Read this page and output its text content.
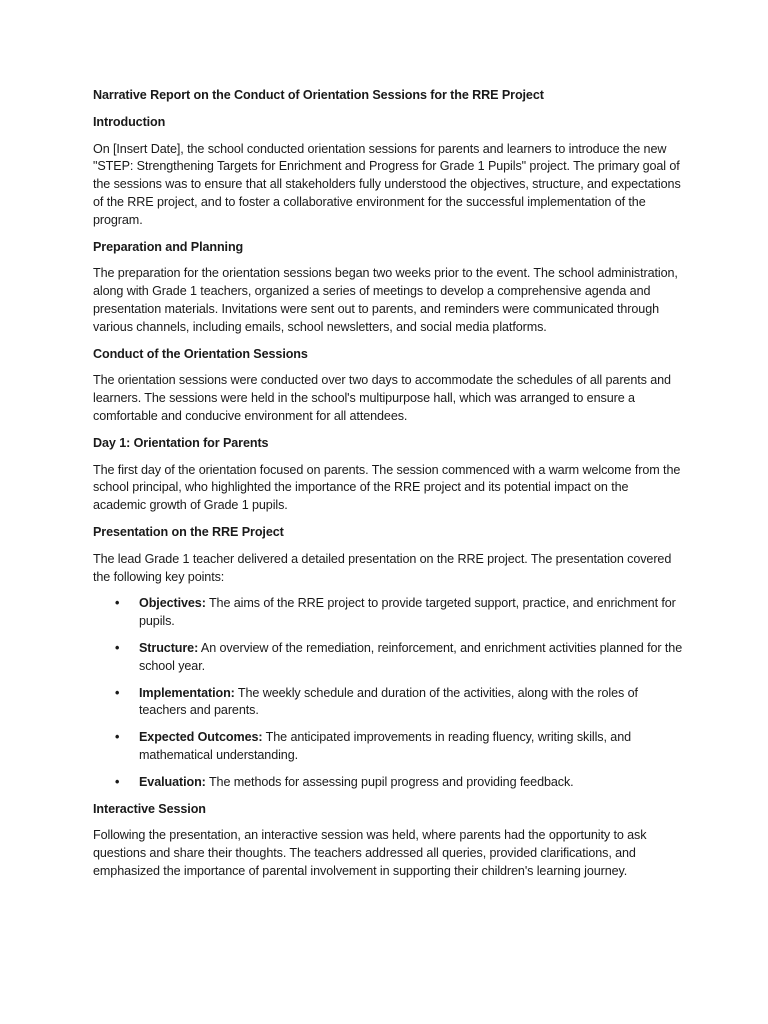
Narrative Report on the Conduct of Orientation Sessions for the RRE Project

Introduction

On [Insert Date], the school conducted orientation sessions for parents and learners to introduce the new "STEP: Strengthening Targets for Enrichment and Progress for Grade 1 Pupils" project. The primary goal of the sessions was to ensure that all stakeholders fully understood the objectives, structure, and expectations of the RRE project, and to foster a collaborative environment for the successful implementation of the program.

Preparation and Planning

The preparation for the orientation sessions began two weeks prior to the event. The school administration, along with Grade 1 teachers, organized a series of meetings to develop a comprehensive agenda and presentation materials. Invitations were sent out to parents, and reminders were communicated through various channels, including emails, school newsletters, and social media platforms.

Conduct of the Orientation Sessions

The orientation sessions were conducted over two days to accommodate the schedules of all parents and learners. The sessions were held in the school's multipurpose hall, which was arranged to ensure a comfortable and conducive environment for all attendees.

Day 1: Orientation for Parents

The first day of the orientation focused on parents. The session commenced with a warm welcome from the school principal, who highlighted the importance of the RRE project and its potential impact on the academic growth of Grade 1 pupils.

Presentation on the RRE Project

The lead Grade 1 teacher delivered a detailed presentation on the RRE project. The presentation covered the following key points:

• Objectives: The aims of the RRE project to provide targeted support, practice, and enrichment for pupils.
• Structure: An overview of the remediation, reinforcement, and enrichment activities planned for the school year.
• Implementation: The weekly schedule and duration of the activities, along with the roles of teachers and parents.
• Expected Outcomes: The anticipated improvements in reading fluency, writing skills, and mathematical understanding.
• Evaluation: The methods for assessing pupil progress and providing feedback.

Interactive Session

Following the presentation, an interactive session was held, where parents had the opportunity to ask questions and share their thoughts. The teachers addressed all queries, provided clarifications, and emphasized the importance of parental involvement in supporting their children's learning journey.
